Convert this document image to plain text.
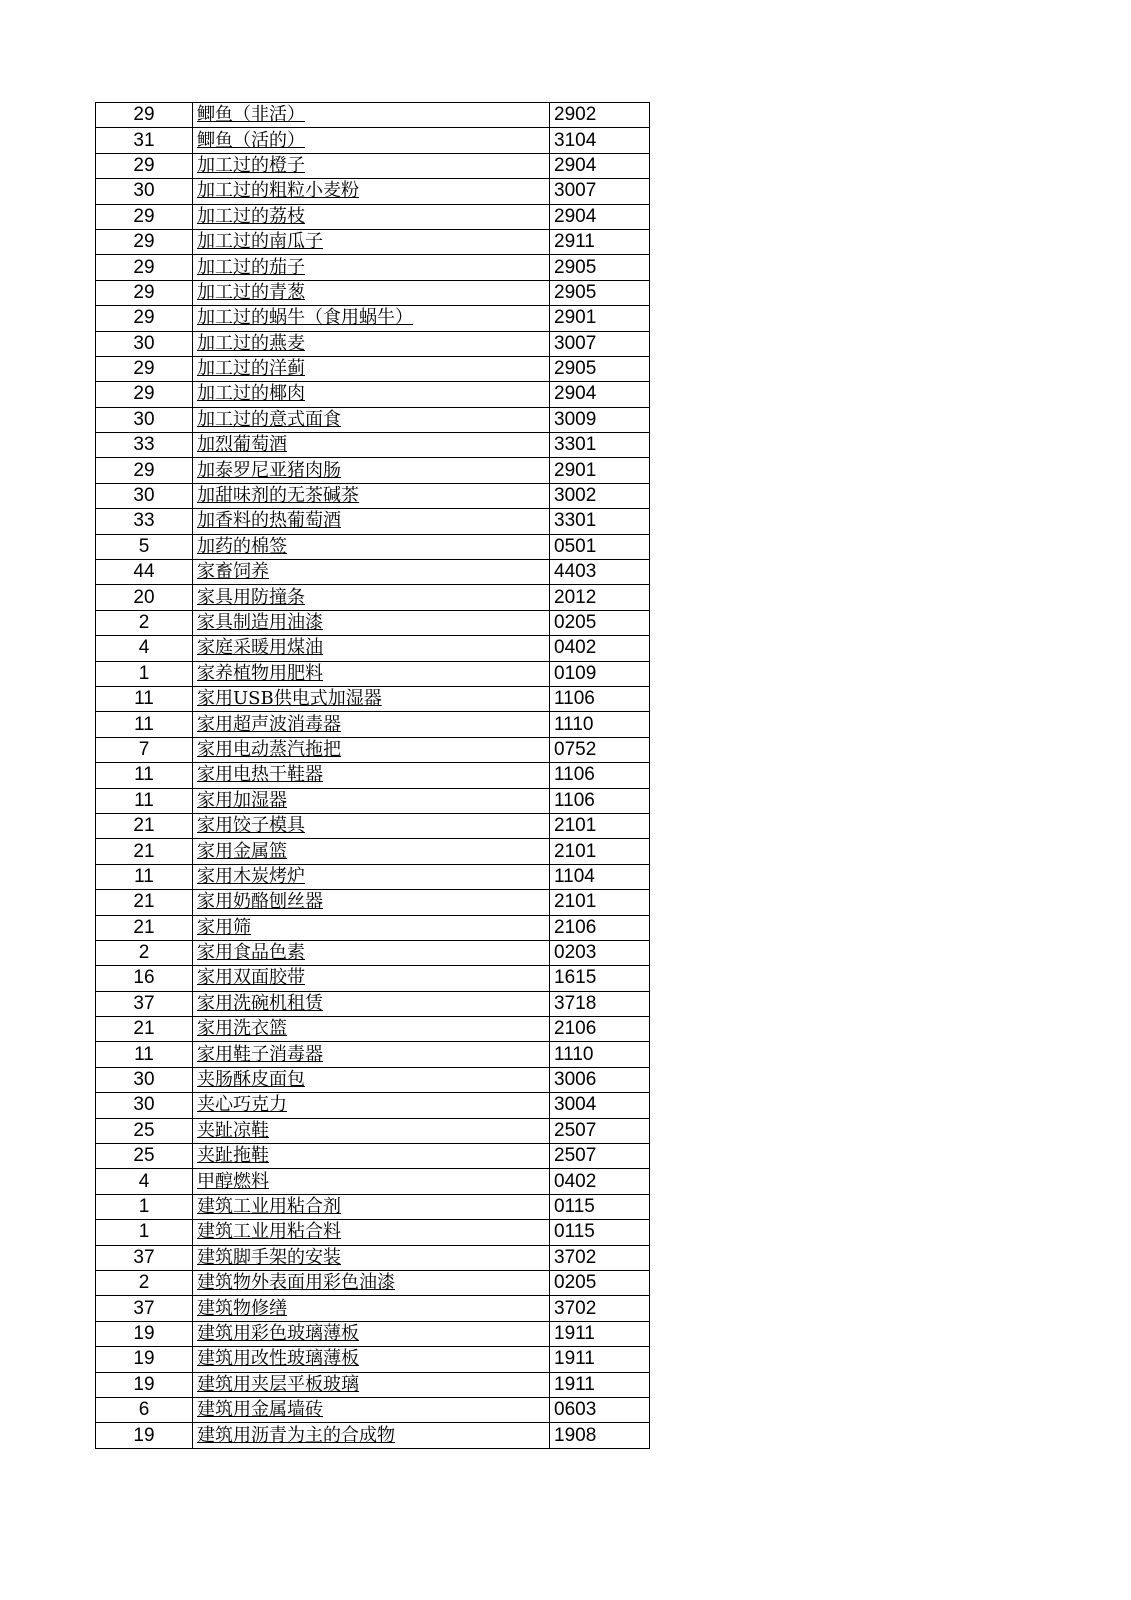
29	鲫鱼（非活）	2902
31	鲫鱼（活的）	3104
29	加工过的橙子	2904
30	加工过的粗粒小麦粉	3007
29	加工过的荔枝	2904
29	加工过的南瓜子	2911
29	加工过的茄子	2905
29	加工过的青葱	2905
29	加工过的蜗牛（食用蜗牛）	2901
30	加工过的燕麦	3007
29	加工过的洋蓟	2905
29	加工过的椰肉	2904
30	加工过的意式面食	3009
33	加烈葡萄酒	3301
29	加泰罗尼亚猪肉肠	2901
30	加甜味剂的无茶碱茶	3002
33	加香料的热葡萄酒	3301
5	加药的棉签	0501
44	家畜饲养	4403
20	家具用防撞条	2012
2	家具制造用油漆	0205
4	家庭采暖用煤油	0402
1	家养植物用肥料	0109
11	家用USB供电式加湿器	1106
11	家用超声波消毒器	1110
7	家用电动蒸汽拖把	0752
11	家用电热干鞋器	1106
11	家用加湿器	1106
21	家用饺子模具	2101
21	家用金属篮	2101
11	家用木炭烤炉	1104
21	家用奶酪刨丝器	2101
21	家用筛	2106
2	家用食品色素	0203
16	家用双面胶带	1615
37	家用洗碗机租赁	3718
21	家用洗衣篮	2106
11	家用鞋子消毒器	1110
30	夹肠酥皮面包	3006
30	夹心巧克力	3004
25	夹趾凉鞋	2507
25	夹趾拖鞋	2507
4	甲醇燃料	0402
1	建筑工业用粘合剂	0115
1	建筑工业用粘合料	0115
37	建筑脚手架的安装	3702
2	建筑物外表面用彩色油漆	0205
37	建筑物修缮	3702
19	建筑用彩色玻璃薄板	1911
19	建筑用改性玻璃薄板	1911
19	建筑用夹层平板玻璃	1911
6	建筑用金属墙砖	0603
19	建筑用沥青为主的合成物	1908
